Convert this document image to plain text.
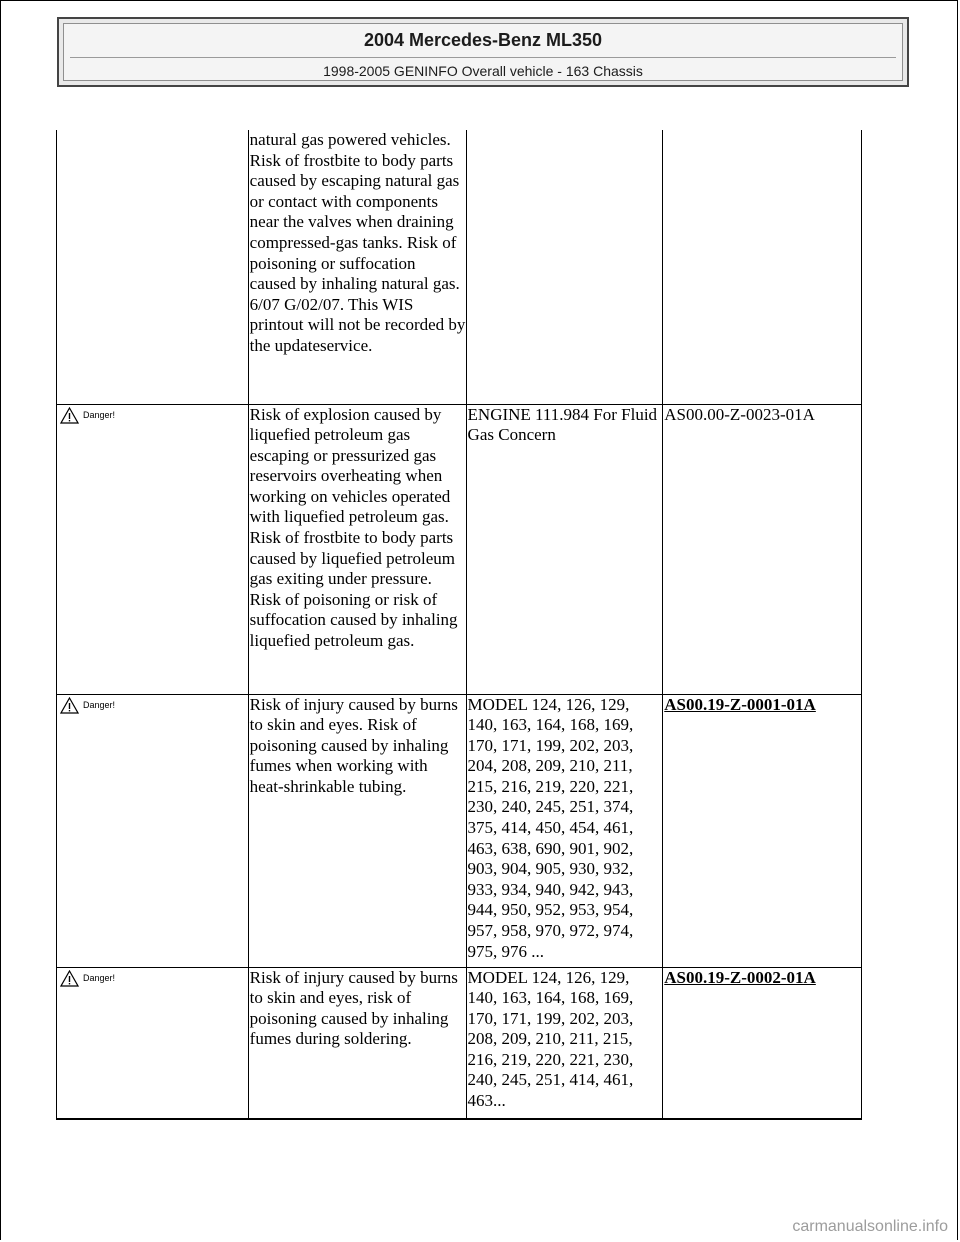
2004 Mercedes-Benz ML350
1998-2005 GENINFO Overall vehicle - 163 Chassis

	natural gas powered vehicles. Risk of frostbite to body parts caused by escaping natural gas or contact with components near the valves when draining compressed-gas tanks. Risk of poisoning or suffocation caused by inhaling natural gas. 6/07 G/02/07. This WIS printout will not be recorded by the updateservice.		

Danger!	Risk of explosion caused by liquefied petroleum gas escaping or pressurized gas reservoirs overheating when working on vehicles operated with liquefied petroleum gas. Risk of frostbite to body parts caused by liquefied petroleum gas exiting under pressure. Risk of poisoning or risk of suffocation caused by inhaling liquefied petroleum gas.	ENGINE 111.984 For Fluid Gas Concern	AS00.00-Z-0023-01A

Danger!	Risk of injury caused by burns to skin and eyes. Risk of poisoning caused by inhaling fumes when working with heat-shrinkable tubing.	MODEL 124, 126, 129, 140, 163, 164, 168, 169, 170, 171, 199, 202, 203, 204, 208, 209, 210, 211, 215, 216, 219, 220, 221, 230, 240, 245, 251, 374, 375, 414, 450, 454, 461, 463, 638, 690, 901, 902, 903, 904, 905, 930, 932, 933, 934, 940, 942, 943, 944, 950, 952, 953, 954, 957, 958, 970, 972, 974, 975, 976 ...	AS00.19-Z-0001-01A

Danger!	Risk of injury caused by burns to skin and eyes, risk of poisoning caused by inhaling fumes during soldering.	MODEL 124, 126, 129, 140, 163, 164, 168, 169, 170, 171, 199, 202, 203, 208, 209, 210, 211, 215, 216, 219, 220, 221, 230, 240, 245, 251, 414, 461, 463...	AS00.19-Z-0002-01A
carmanualsonline.info
